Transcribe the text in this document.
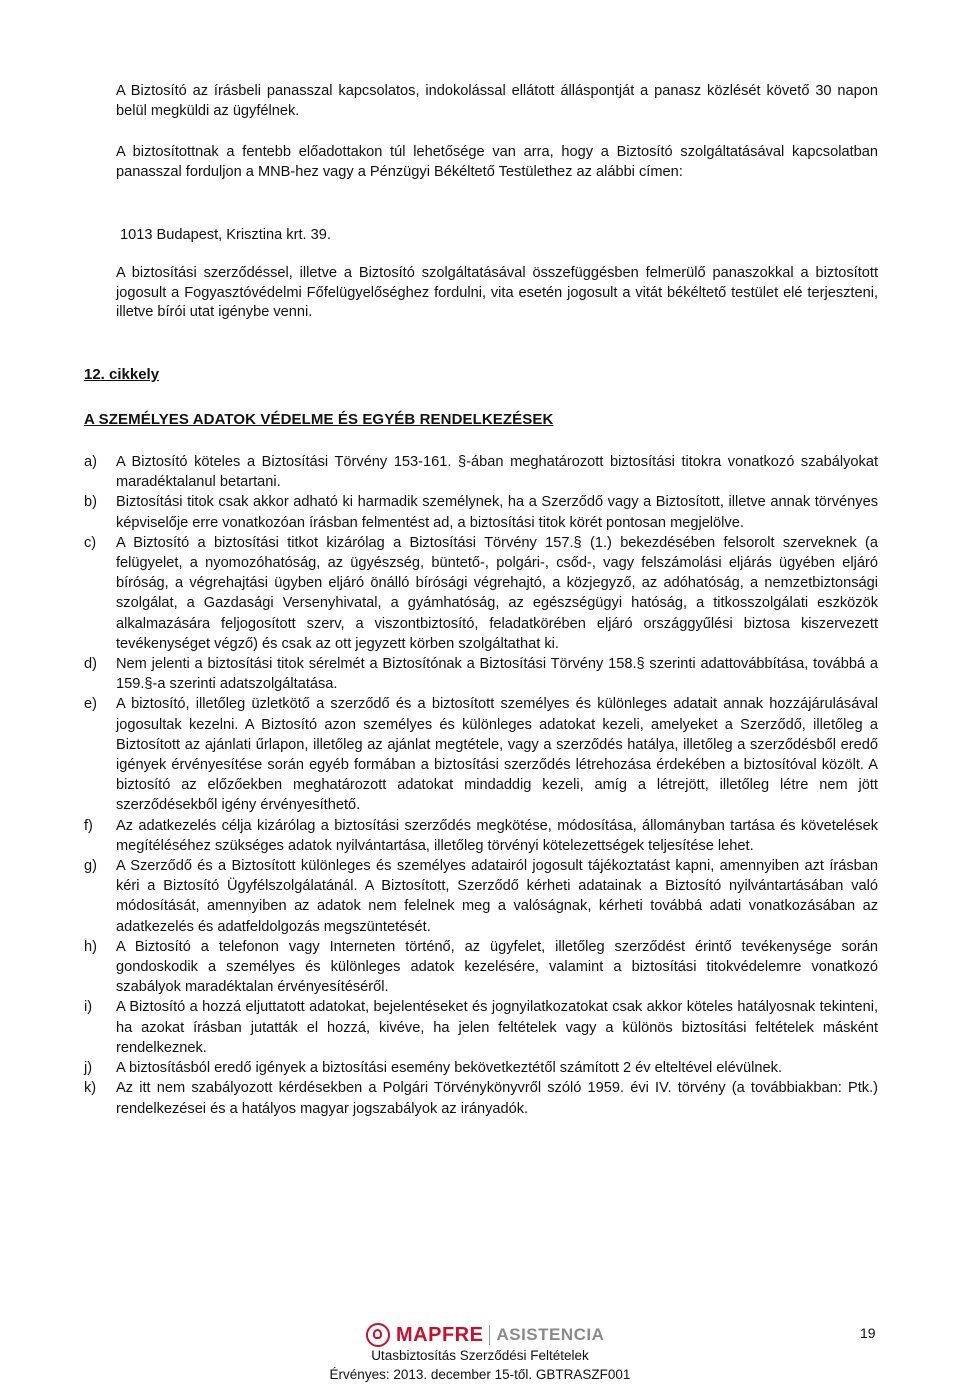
A Biztosító az írásbeli panasszal kapcsolatos, indokolással ellátott álláspontját a panasz közlését követő 30 napon belül megküldi az ügyfélnek.
A biztosítottnak a fentebb előadottakon túl lehetősége van arra, hogy a Biztosító szolgáltatásával kapcsolatban panasszal forduljon a MNB-hez vagy a Pénzügyi Békéltető Testülethez az alábbi címen:
1013 Budapest, Krisztina krt. 39.
A biztosítási szerződéssel, illetve a Biztosító szolgáltatásával összefüggésben felmerülő panaszokkal a biztosított jogosult a Fogyasztóvédelmi Főfelügyelőséghez fordulni, vita esetén jogosult a vitát békéltető testület elé terjeszteni, illetve bírói utat igénybe venni.
12. cikkely
A SZEMÉLYES ADATOK VÉDELME ÉS EGYÉB RENDELKEZÉSEK
a)	A Biztosító köteles a Biztosítási Törvény 153-161. §-ában meghatározott biztosítási titokra vonatkozó szabályokat maradéktalanul betartani.
b)	Biztosítási titok csak akkor adható ki harmadik személynek, ha a Szerződő vagy a Biztosított, illetve annak törvényes képviselője erre vonatkozóan írásban felmentést ad, a biztosítási titok körét pontosan megjelölve.
c)	A Biztosító a biztosítási titkot kizárólag a Biztosítási Törvény 157.§ (1.) bekezdésében felsorolt szerveknek (a felügyelet, a nyomozóhatóság, az ügyészség, büntető-, polgári-, csőd-, vagy felszámolási eljárás ügyében eljáró bíróság, a végrehajtási ügyben eljáró önálló bírósági végrehajtó, a közjegyző, az adóhatóság, a nemzetbiztonsági szolgálat, a Gazdasági Versenyhivatal, a gyámhatóság, az egészségügyi hatóság, a titkosszolgálati eszközök alkalmazására feljogosított szerv, a viszontbiztosító, feladatkörében eljáró országgyűlési biztosa kiszervezett tevékenységet végző) és csak az ott jegyzett körben szolgáltathat ki.
d)	Nem jelenti a biztosítási titok sérelmét a Biztosítónak a Biztosítási Törvény 158.§ szerinti adattovábbítása, továbbá a 159.§-a szerinti adatszolgáltatása.
e)	A biztosító, illetőleg üzletkötő a szerződő és a biztosított személyes és különleges adatait annak hozzájárulásával jogosultak kezelni. A Biztosító azon személyes és különleges adatokat kezeli, amelyeket a Szerződő, illetőleg a Biztosított az ajánlati űrlapon, illetőleg az ajánlat megtétele, vagy a szerződés hatálya, illetőleg a szerződésből eredő igények érvényesítése során egyéb formában a biztosítási szerződés létrehozása érdekében a biztosítóval közölt. A biztosító az előzőekben meghatározott adatokat mindaddig kezeli, amíg a létrejött, illetőleg létre nem jött szerződésekből igény érvényesíthető.
f)	Az adatkezelés célja kizárólag a biztosítási szerződés megkötése, módosítása, állományban tartása és követelések megítéléséhez szükséges adatok nyilvántartása, illetőleg törvényi kötelezettségek teljesítése lehet.
g)	A Szerződő és a Biztosított különleges és személyes adatairól jogosult tájékoztatást kapni, amennyiben azt írásban kéri a Biztosító Ügyfélszolgálatánál. A Biztosított, Szerződő kérheti adatainak a Biztosító nyilvántartásában való módosítását, amennyiben az adatok nem felelnek meg a valóságnak, kérheti továbbá adati vonatkozásában az adatkezelés és adatfeldolgozás megszüntetését.
h)	A Biztosító a telefonon vagy Interneten történő, az ügyfelet, illetőleg szerződést érintő tevékenysége során gondoskodik a személyes és különleges adatok kezelésére, valamint a biztosítási titokvédelemre vonatkozó szabályok maradéktalan érvényesítéséről.
i)	A Biztosító a hozzá eljuttatott adatokat, bejelentéseket és jognyilatkozatokat csak akkor köteles hatályosnak tekinteni, ha azokat írásban jutatták el hozzá, kivéve, ha jelen feltételek vagy a különös biztosítási feltételek másként rendelkeznek.
j)	A biztosításból eredő igények a biztosítási esemény bekövetkeztétől számított 2 év elteltével elévülnek.
k)	Az itt nem szabályozott kérdésekben a Polgári Törvénykönyvről szóló 1959. évi IV. törvény (a továbbiakban: Ptk.) rendelkezései és a hatályos magyar jogszabályok az irányadók.
MAPFRE ASISTENCIA	19
Utasbiztosítás Szerződési Feltételek
Érvényes: 2013. december 15-től. GBTRASZF001
